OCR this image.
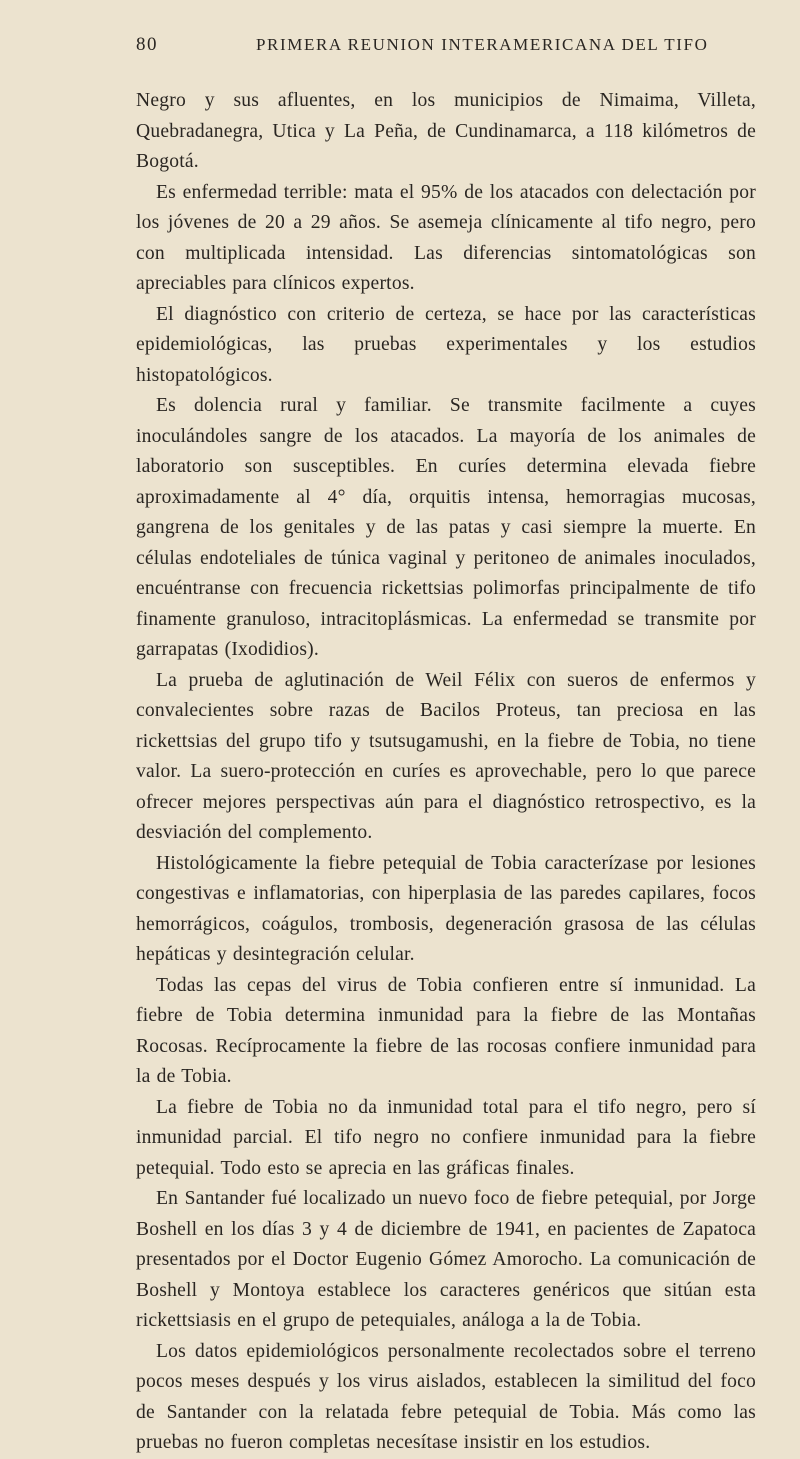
80	PRIMERA REUNION INTERAMERICANA DEL TIFO

Negro y sus afluentes, en los municipios de Nimaima, Villeta, Quebradanegra, Utica y La Peña, de Cundinamarca, a 118 kilómetros de Bogotá.

Es enfermedad terrible: mata el 95% de los atacados con delectación por los jóvenes de 20 a 29 años. Se asemeja clínicamente al tifo negro, pero con multiplicada intensidad. Las diferencias sintomatológicas son apreciables para clínicos expertos.

El diagnóstico con criterio de certeza, se hace por las características epidemiológicas, las pruebas experimentales y los estudios histopatológicos.

Es dolencia rural y familiar. Se transmite facilmente a cuyes inoculándoles sangre de los atacados. La mayoría de los animales de laboratorio son susceptibles. En curíes determina elevada fiebre aproximadamente al 4° día, orquitis intensa, hemorragias mucosas, gangrena de los genitales y de las patas y casi siempre la muerte. En células endoteliales de túnica vaginal y peritoneo de animales inoculados, encuéntranse con frecuencia rickettsias polimorfas principalmente de tifo finamente granuloso, intracitoplásmicas. La enfermedad se transmite por garrapatas (Ixodidios).

La prueba de aglutinación de Weil Félix con sueros de enfermos y convalecientes sobre razas de Bacilos Proteus, tan preciosa en las rickettsias del grupo tifo y tsutsugamushi, en la fiebre de Tobia, no tiene valor. La suero-protección en curíes es aprovechable, pero lo que parece ofrecer mejores perspectivas aún para el diagnóstico retrospectivo, es la desviación del complemento.

Histológicamente la fiebre petequial de Tobia caracterízase por lesiones congestivas e inflamatorias, con hiperplasia de las paredes capilares, focos hemorrágicos, coágulos, trombosis, degeneración grasosa de las células hepáticas y desintegración celular.

Todas las cepas del virus de Tobia confieren entre sí inmunidad. La fiebre de Tobia determina inmunidad para la fiebre de las Montañas Rocosas. Recíprocamente la fiebre de las rocosas confiere inmunidad para la de Tobia.

La fiebre de Tobia no da inmunidad total para el tifo negro, pero sí inmunidad parcial. El tifo negro no confiere inmunidad para la fiebre petequial. Todo esto se aprecia en las gráficas finales.

En Santander fué localizado un nuevo foco de fiebre petequial, por Jorge Boshell en los días 3 y 4 de diciembre de 1941, en pacientes de Zapatoca presentados por el Doctor Eugenio Gómez Amorocho. La comunicación de Boshell y Montoya establece los caracteres genéricos que sitúan esta rickettsiasis en el grupo de petequiales, análoga a la de Tobia.

Los datos epidemiológicos personalmente recolectados sobre el terreno pocos meses después y los virus aislados, establecen la similitud del foco de Santander con la relatada febre petequial de Tobia. Más como las pruebas no fueron completas necesítase insistir en los estudios.
